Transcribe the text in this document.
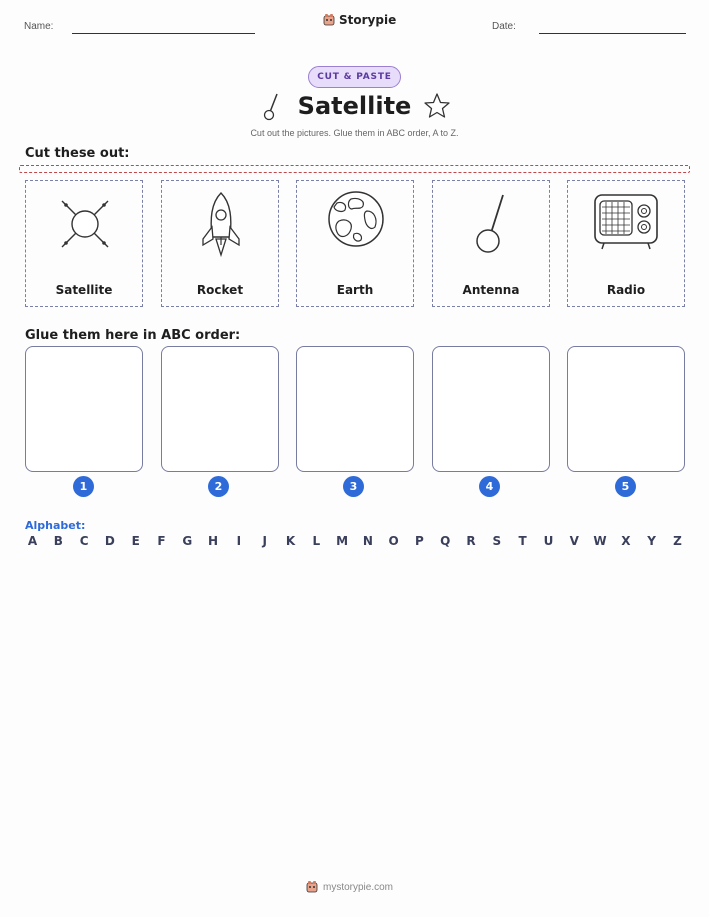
Name:	Storypie	Date:
CUT & PASTE
Satellite
Cut out the pictures. Glue them in ABC order, A to Z.
Cut these out:
Satellite	Rocket	Earth	Antenna	Radio
Glue them here in ABC order:
1	2	3	4	5
Alphabet:
A B C D E F G H	I	J	K	L	M N O P Q R S T U V W X Y Z
mystorypie.com
